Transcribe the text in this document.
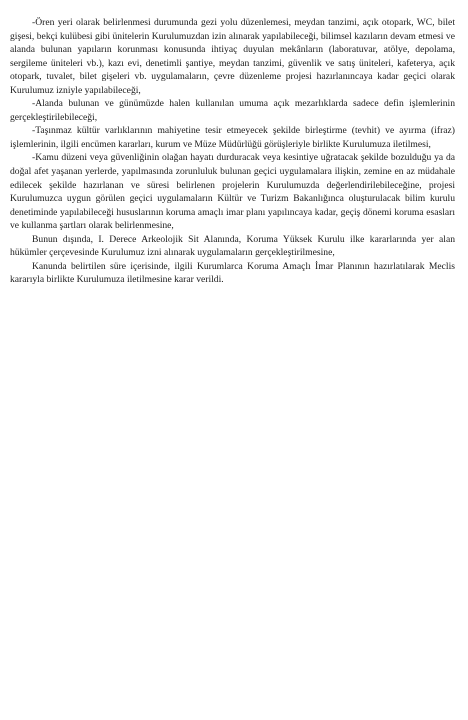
-Ören yeri olarak belirlenmesi durumunda gezi yolu düzenlemesi, meydan tanzimi, açık otopark, WC, bilet gişesi, bekçi kulübesi gibi ünitelerin Kurulumuzdan izin alınarak yapılabileceği, bilimsel kazıların devam etmesi ve alanda bulunan yapıların korunması konusunda ihtiyaç duyulan mekânların (laboratuvar, atölye, depolama, sergileme üniteleri vb.), kazı evi, denetimli şantiye, meydan tanzimi, güvenlik ve satış üniteleri, kafeterya, açık otopark, tuvalet, bilet gişeleri vb. uygulamaların, çevre düzenleme projesi hazırlanıncaya kadar geçici olarak Kurulumuz izniyle yapılabileceği,

-Alanda bulunan ve günümüzde halen kullanılan umuma açık mezarlıklarda sadece defin işlemlerinin gerçekleştirilebileceği,

-Taşınmaz kültür varlıklarının mahiyetine tesir etmeyecek şekilde birleştirme (tevhit) ve ayırma (ifraz) işlemlerinin, ilgili encümen kararları, kurum ve Müze Müdürlüğü görüşleriyle birlikte Kurulumuza iletilmesi,

-Kamu düzeni veya güvenliğinin olağan hayatı durduracak veya kesintiye uğratacak şekilde bozulduğu ya da doğal afet yaşanan yerlerde, yapılmasında zorunluluk bulunan geçici uygulamalara ilişkin, zemine en az müdahale edilecek şekilde hazırlanan ve süresi belirlenen projelerin Kurulumuzda değerlendirilebileceğine, projesi Kurulumuzca uygun görülen geçici uygulamaların Kültür ve Turizm Bakanlığınca oluşturulacak bilim kurulu denetiminde yapılabileceği hususlarının koruma amaçlı imar planı yapılıncaya kadar, geçiş dönemi koruma esasları ve kullanma şartları olarak belirlenmesine,

Bunun dışında, I. Derece Arkeolojik Sit Alanında, Koruma Yüksek Kurulu ilke kararlarında yer alan hükümler çerçevesinde Kurulumuz izni alınarak uygulamaların gerçekleştirilmesine,

Kanunda belirtilen süre içerisinde, ilgili Kurumlarca Koruma Amaçlı İmar Planının hazırlatılarak Meclis kararıyla birlikte Kurulumuza iletilmesine karar verildi.
